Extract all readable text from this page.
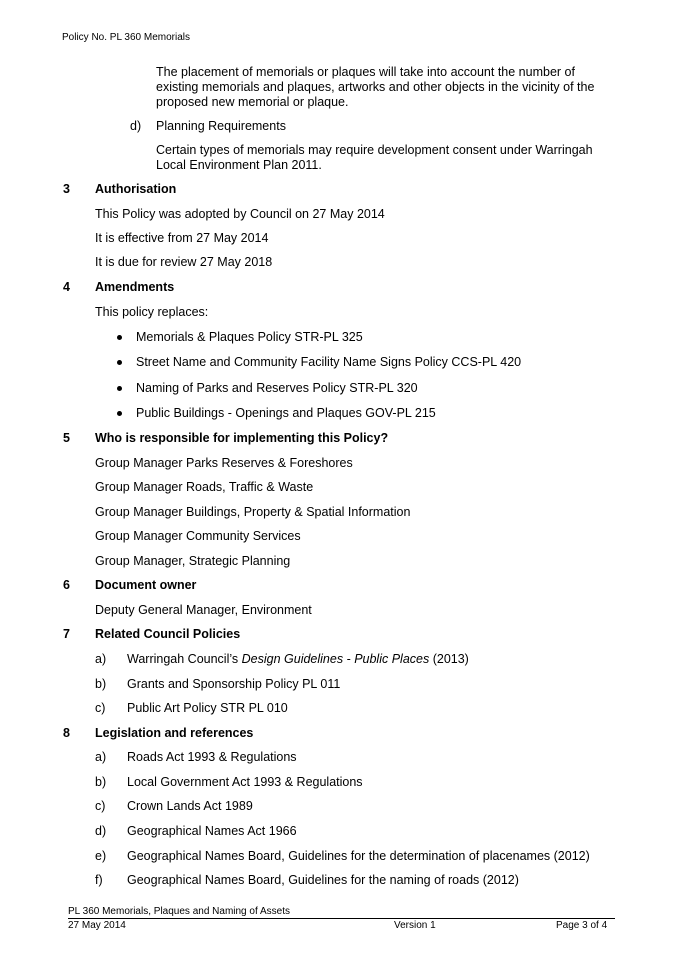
Policy No. PL 360 Memorials
The placement of memorials or plaques will take into account the number of
existing memorials and plaques, artworks and other objects in the vicinity of the
proposed new memorial or plaque.
d) Planning Requirements
Certain types of memorials may require development consent under Warringah
Local Environment Plan 2011.
3 Authorisation
This Policy was adopted by Council on 27 May 2014
It is effective from 27 May 2014
It is due for review 27 May 2018
4 Amendments
This policy replaces:
Memorials & Plaques Policy STR-PL 325
Street Name and Community Facility Name Signs Policy CCS-PL 420
Naming of Parks and Reserves Policy STR-PL 320
Public Buildings - Openings and Plaques GOV-PL 215
5 Who is responsible for implementing this Policy?
Group Manager Parks Reserves & Foreshores
Group Manager Roads, Traffic & Waste
Group Manager Buildings, Property & Spatial Information
Group Manager Community Services
Group Manager, Strategic Planning
6 Document owner
Deputy General Manager, Environment
7 Related Council Policies
a) Warringah Council’s Design Guidelines - Public Places (2013)
b) Grants and Sponsorship Policy PL 011
c) Public Art Policy STR PL 010
8 Legislation and references
a) Roads Act 1993 & Regulations
b) Local Government Act 1993 & Regulations
c) Crown Lands Act 1989
d) Geographical Names Act 1966
e) Geographical Names Board, Guidelines for the determination of placenames (2012)
f) Geographical Names Board, Guidelines for the naming of roads (2012)
PL 360 Memorials, Plaques and Naming of Assets
27 May 2014	Version 1	Page 3 of 4
